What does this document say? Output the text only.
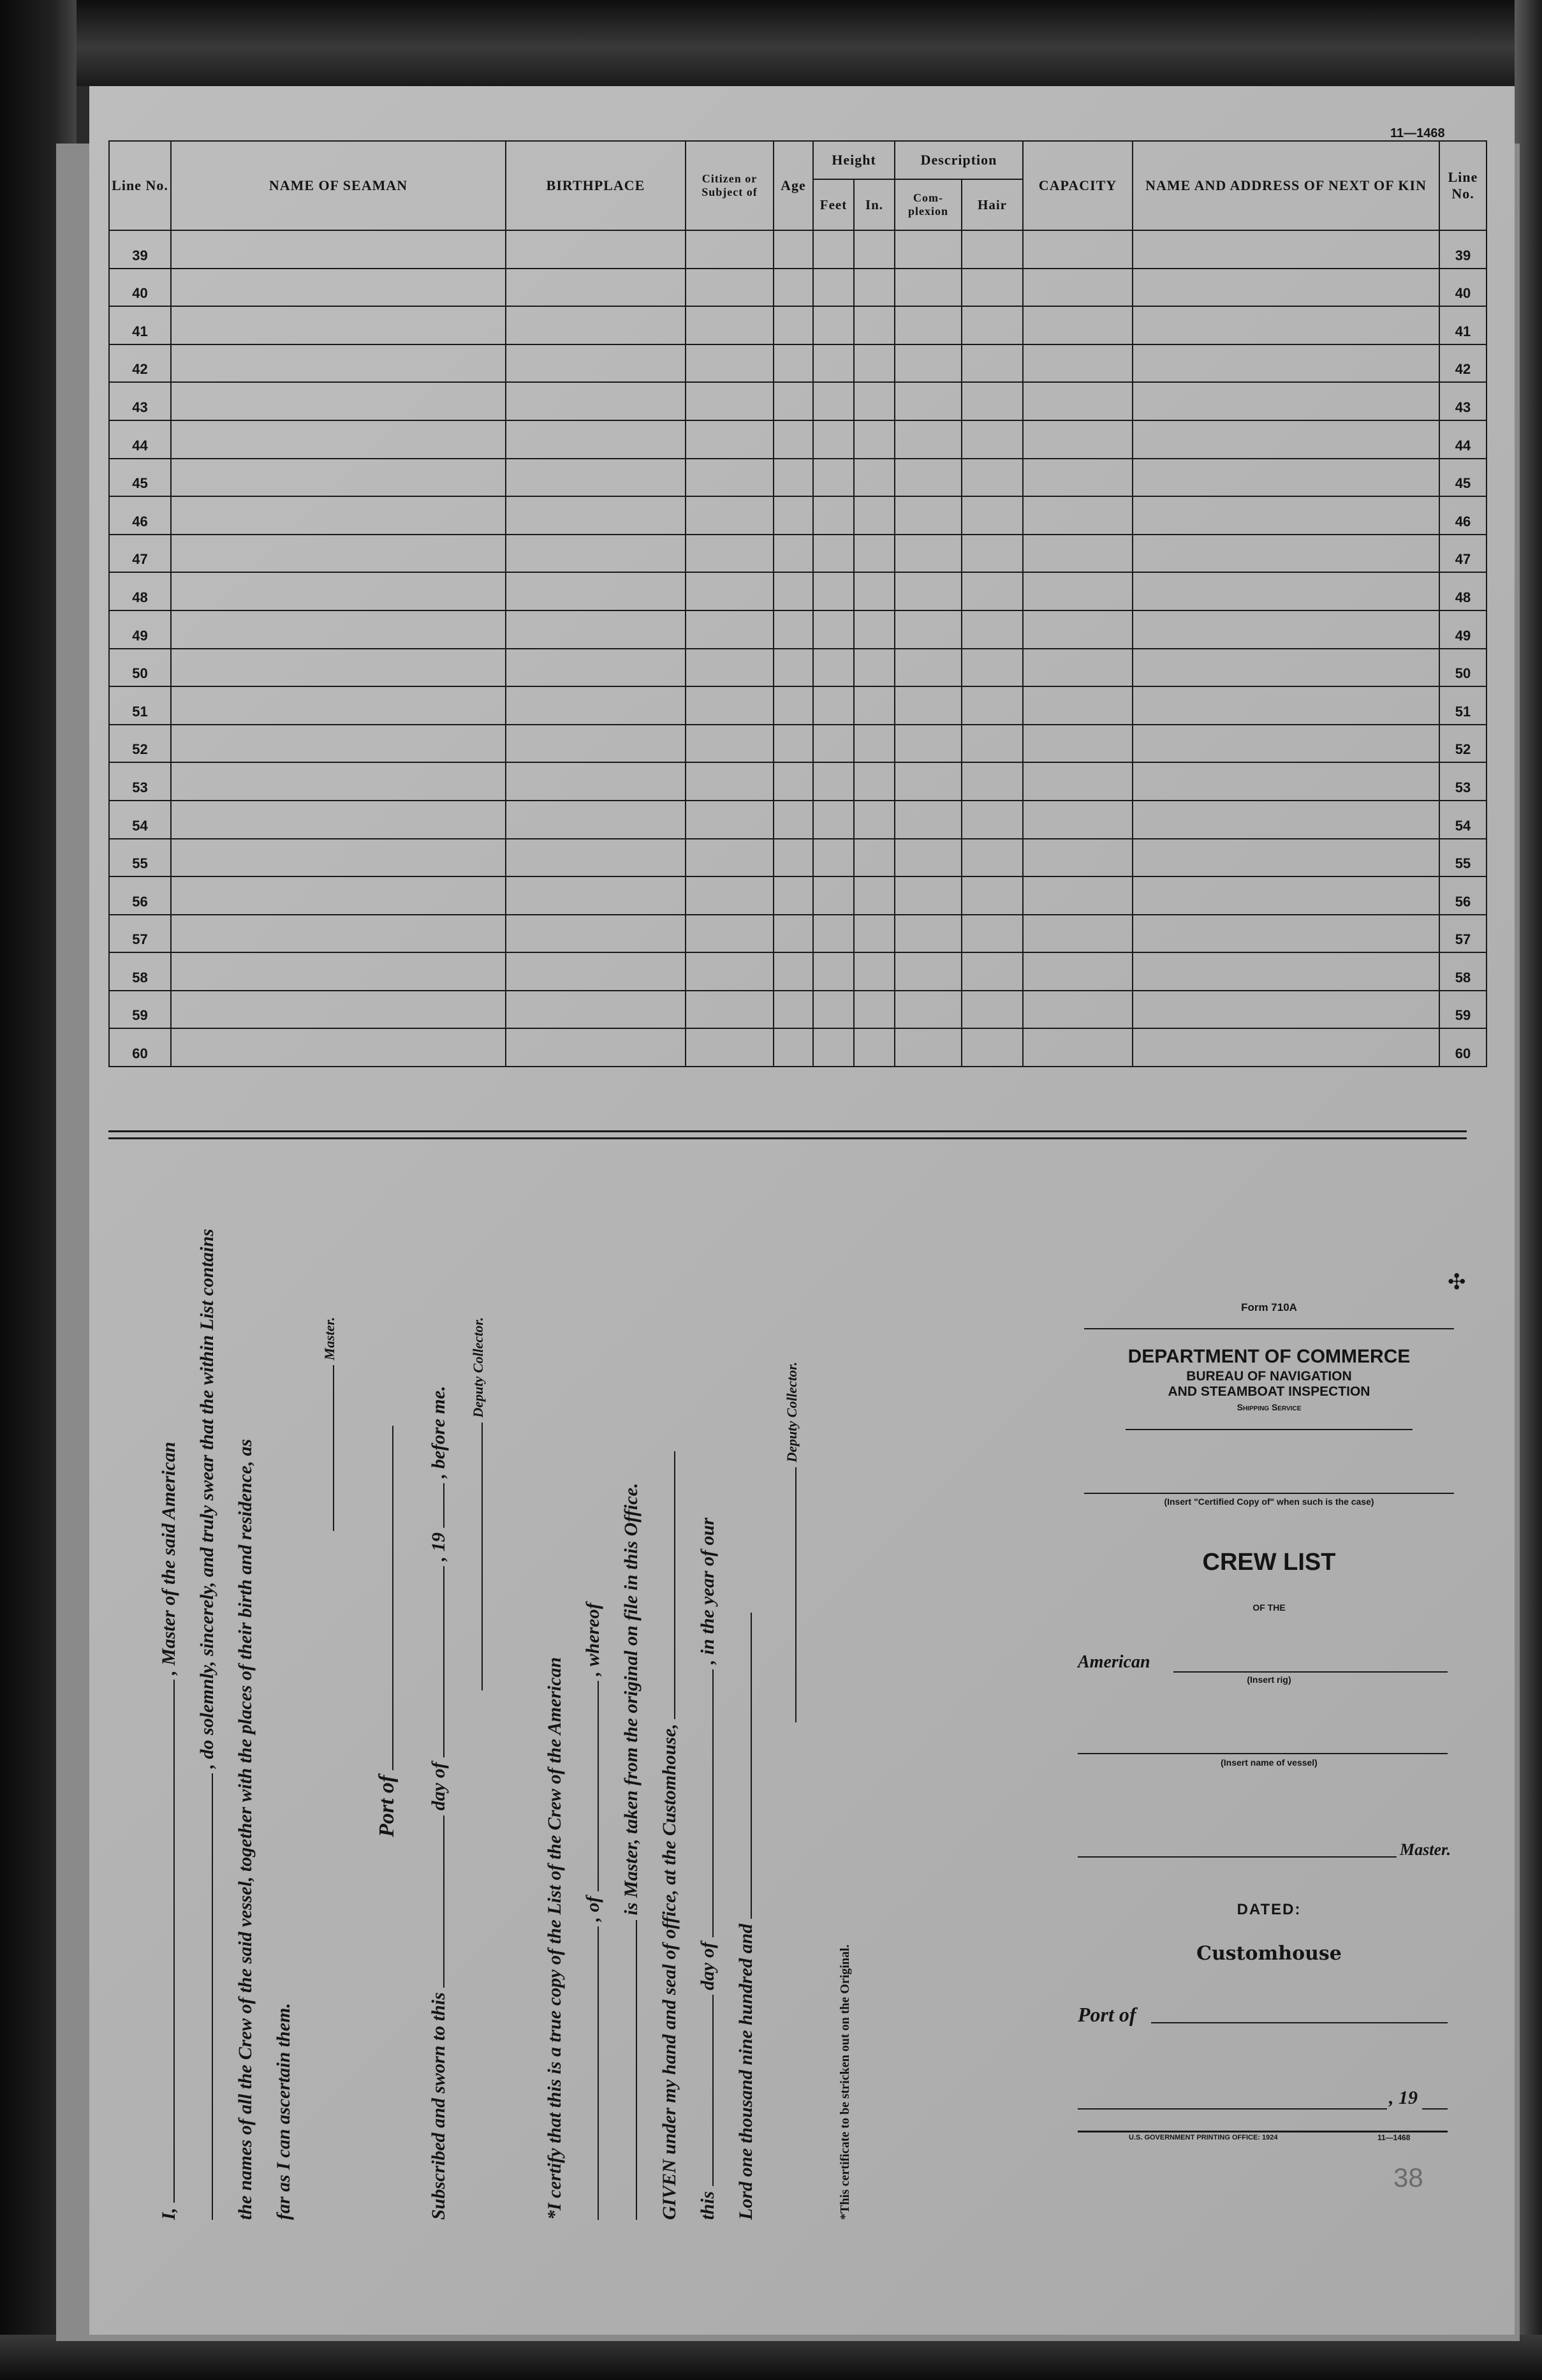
11—1468
Line No.	NAME OF SEAMAN	BIRTHPLACE	Citizen or Subject of	Age	Height		Description		CAPACITY	NAME AND ADDRESS OF NEXT OF KIN	Line No.
					Feet	In.	Com-plexion	Hair			
39											39
40											40
41											41
42											42
43											43
44											44
45											45
46											46
47											47
48											48
49											49
50											50
51											51
52											52
53											53
54											54
55											55
56											56
57											57
58											58
59											59
60											60

I,  , Master of the said American , do solemnly, sincerely, and truly swear that the within List contains the names of all the Crew of the said vessel, together with the places of their birth and residence, as far as I can ascertain them.

Master.

Port of

Subscribed and sworn to this  day of  , 19  , before me.

Deputy Collector.

*I certify that this is a true copy of the List of the Crew of the American , of  , whereof is Master, taken from the original on file in this Office.

GIVEN under my hand and seal of office, at the Customhouse, this  day of  , in the year of our

Lord one thousand nine hundred and

Deputy Collector.

*This certificate to be stricken out on the Original.

✣
Form 710A
DEPARTMENT OF COMMERCE
BUREAU OF NAVIGATION
AND STEAMBOAT INSPECTION
Shipping Service
(Insert "Certified Copy of" when such is the case)
CREW LIST
OF THE
American
(Insert rig)
(Insert name of vessel)
Master.
DATED:
Customhouse
Port of
, 19
U.S. GOVERNMENT PRINTING OFFICE: 1924	11—1468
38
